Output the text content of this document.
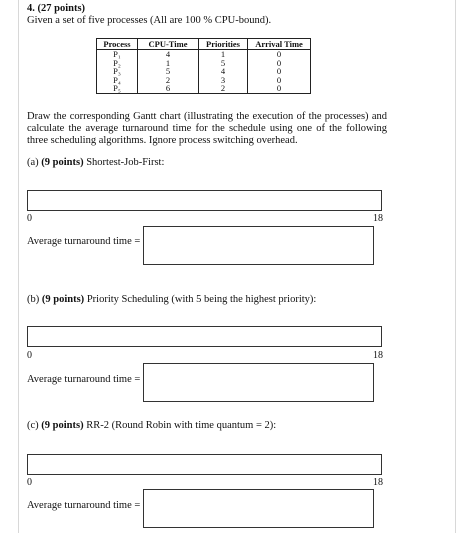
4. (27 points)
Given a set of five processes (All are 100 % CPU-bound).
Process	CPU-Time	Priorities	Arrival Time
P₁	4	1	0
P₂	1	5	0
P₃	5	4	0
P₄	2	3	0
P₅	6	2	0
Draw the corresponding Gantt chart (illustrating the execution of the processes) and calculate the average turnaround time for the schedule using one of the following three scheduling algorithms. Ignore process switching overhead.
(a) (9 points) Shortest-Job-First:
0	18
Average turnaround time =
(b) (9 points) Priority Scheduling (with 5 being the highest priority):
0	18
Average turnaround time =
(c) (9 points) RR-2 (Round Robin with time quantum = 2):
0	18
Average turnaround time =
